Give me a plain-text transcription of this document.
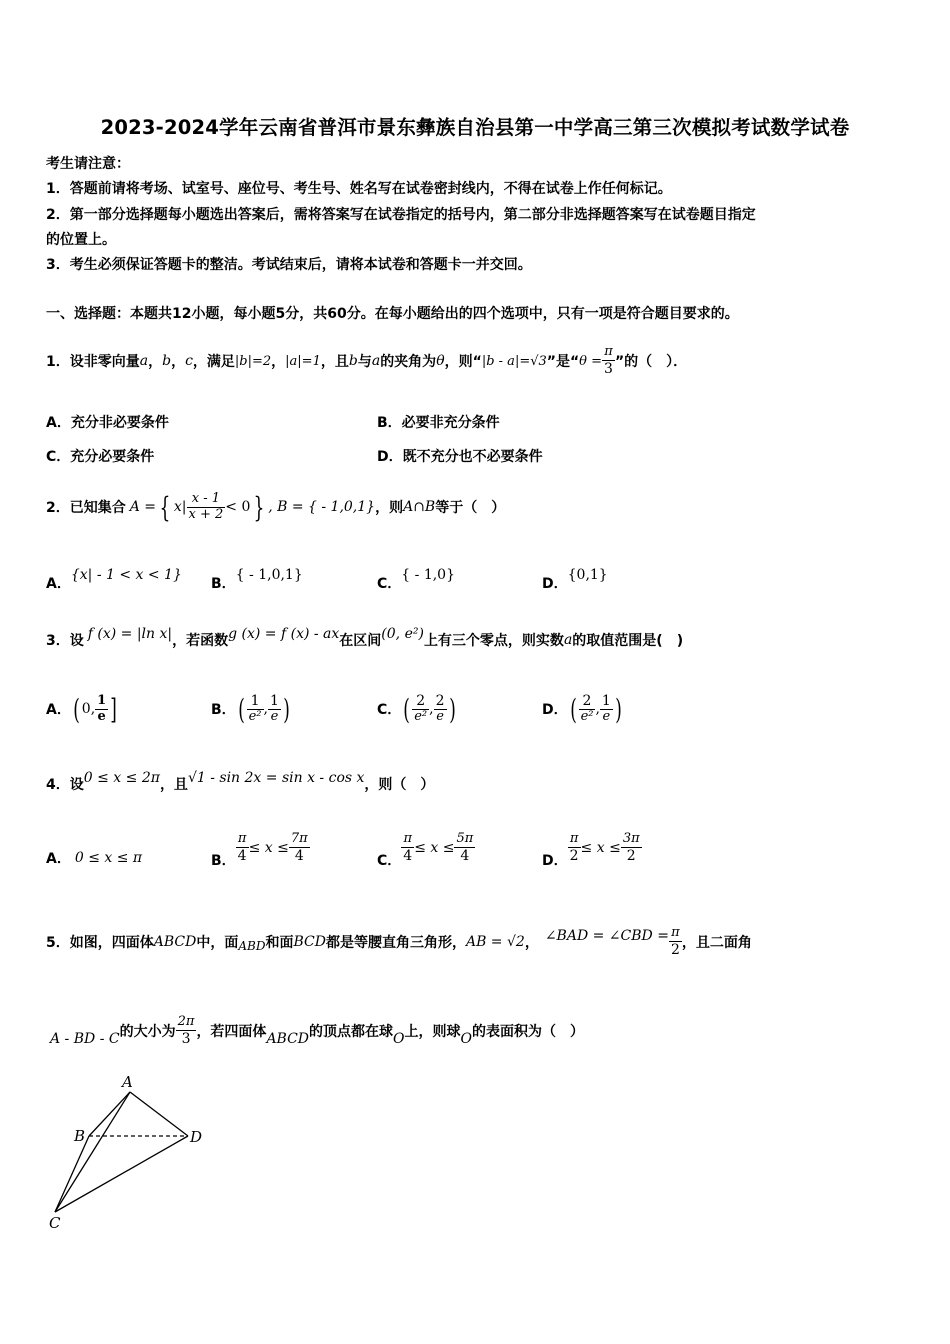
2023-2024学年云南省普洱市景东彝族自治县第一中学高三第三次模拟考试数学试卷
考生请注意：
1．答题前请将考场、试室号、座位号、考生号、姓名写在试卷密封线内，不得在试卷上作任何标记。
2．第一部分选择题每小题选出答案后，需将答案写在试卷指定的括号内，第二部分非选择题答案写在试卷题目指定
的位置上。
3．考生必须保证答题卡的整洁。考试结束后，请将本试卷和答题卡一并交回。
一、选择题：本题共12小题，每小题5分，共60分。在每小题给出的四个选项中，只有一项是符合题目要求的。
1．设非零向量 a ， b ， c ，满足 |b|=2 ， |a|=1 ，且 b 与 a 的夹角为 θ ，则“ |b - a|=√3 ”是“ $\theta = \frac{\pi}{3}$ ”的（　）．
A．充分非必要条件	B．必要非充分条件
C．充分必要条件	D．既不充分也不必要条件
2．已知集合 A = { x | $\frac{x - 1}{x + 2} < 0$ } , B = { - 1,0,1} ，则 A∩B 等于（　）
A．
{x| - 1 < x < 1}
B．
{ - 1,0,1}
C．
{ - 1,0}
D．
{0,1}
3．设 f (x) = |ln x| ，若函数 g (x) = f (x) - ax 在区间 (0, e²) 上有三个零点，则实数 a 的取值范围是(　)
A． ( 0, $\frac{1}{e}$ ]	B． ( $\frac{1}{\text{e²}}$ , $\frac{1}{e}$ )	C． ( $\frac{2}{\text{e²}}$ , $\frac{2}{e}$ )	D． ( $\frac{2}{\text{e²}}$ , $\frac{1}{e}$ )
4．设 0 ≤ x ≤ 2π ，且 √1 - sin 2x = sin x - cos x ，则（　）
A． 0 ≤ x ≤ π	B． $\frac{\pi}{4} \le x \le \frac{7\pi}{4}$	C． $\frac{\pi}{4} \le x \le \frac{5\pi}{4}$	D． $\frac{\pi}{2} \le x \le \frac{3\pi}{2}$
5．如图，四面体 ABCD 中，面 ABD 和面 BCD 都是等腰直角三角形， AB = √2 ， ∠BAD = ∠CBD = $\frac{\pi}{2}$ ，且二面角
A - BD - C 的大小为 $\frac{2\pi}{3}$ ，若四面体 ABCD 的顶点都在球 O 上，则球 O 的表面积为（　）
A
B	D
C
